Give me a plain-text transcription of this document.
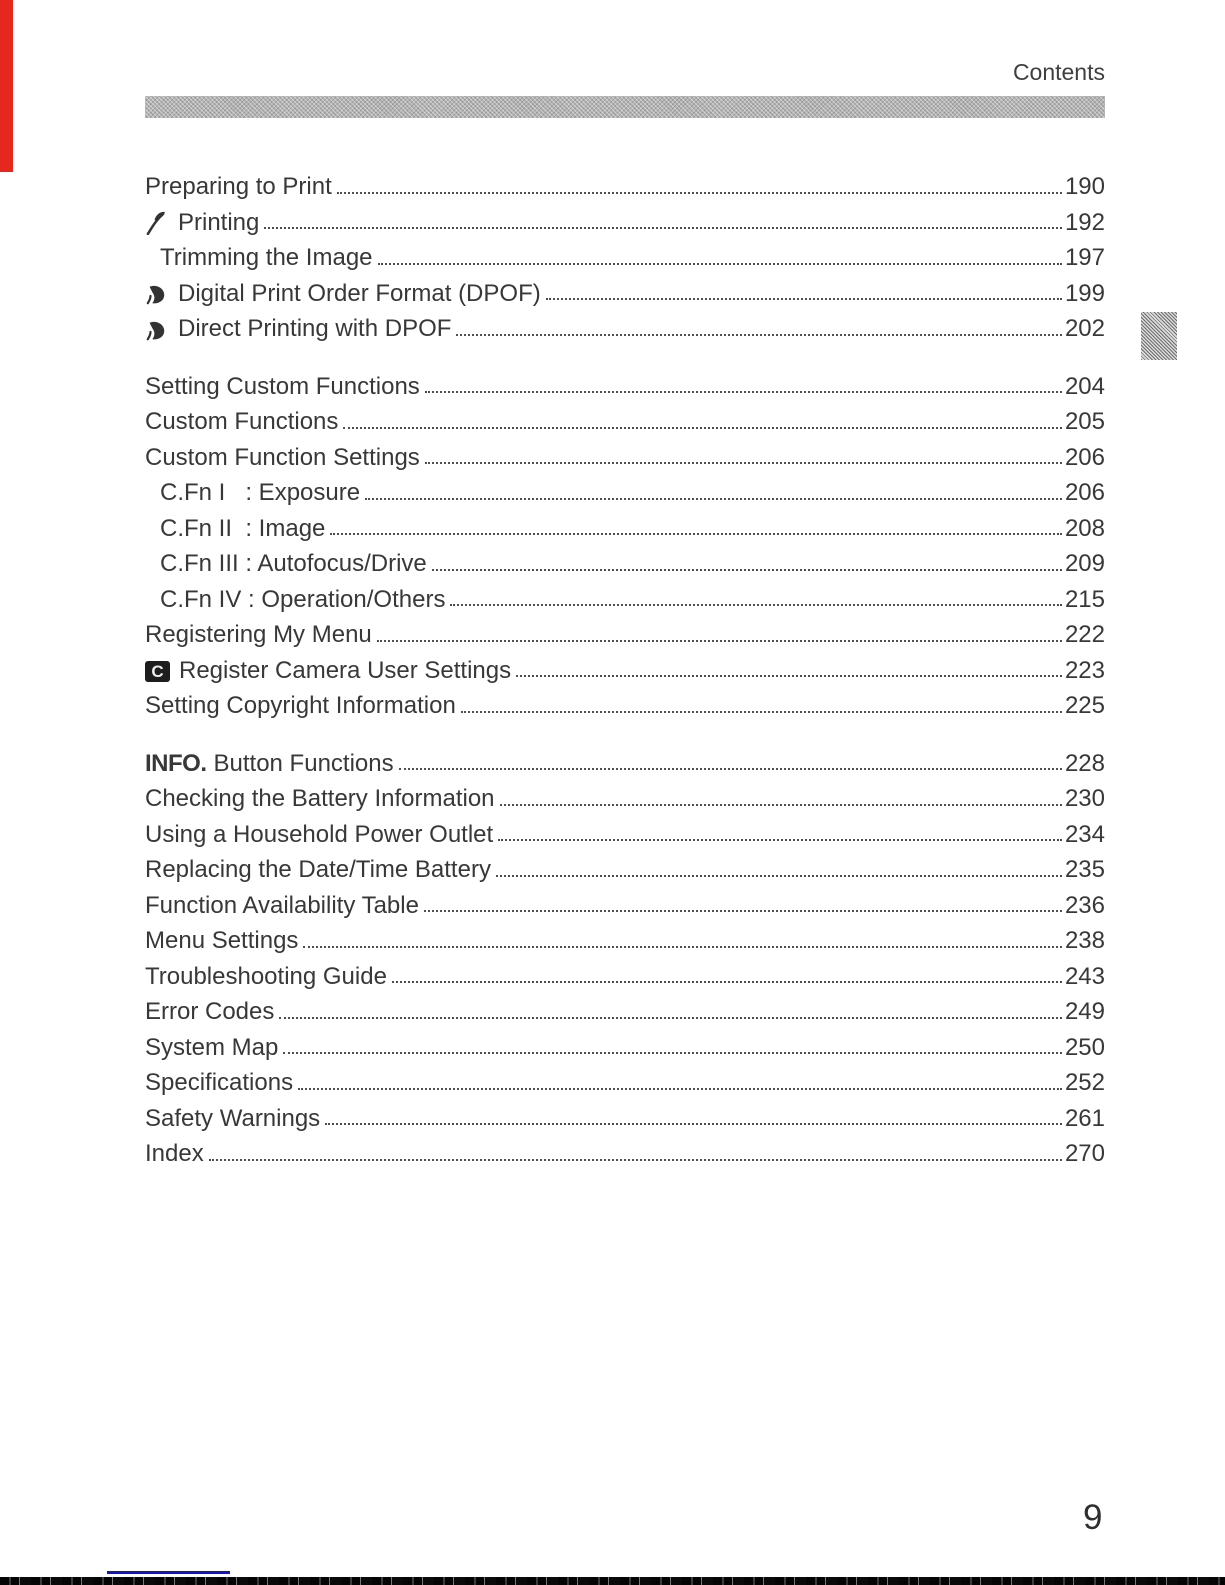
Contents
Preparing to Print	190
Printing	192
Trimming the Image	197
Digital Print Order Format (DPOF)	199
Direct Printing with DPOF	202
Setting Custom Functions	204
Custom Functions	205
Custom Function Settings	206
C.Fn I   : Exposure	206
C.Fn II  : Image	208
C.Fn III : Autofocus/Drive	209
C.Fn IV : Operation/Others	215
Registering My Menu	222
C Register Camera User Settings	223
Setting Copyright Information	225
INFO. Button Functions	228
Checking the Battery Information	230
Using a Household Power Outlet	234
Replacing the Date/Time Battery	235
Function Availability Table	236
Menu Settings	238
Troubleshooting Guide	243
Error Codes	249
System Map	250
Specifications	252
Safety Warnings	261
Index	270
9
